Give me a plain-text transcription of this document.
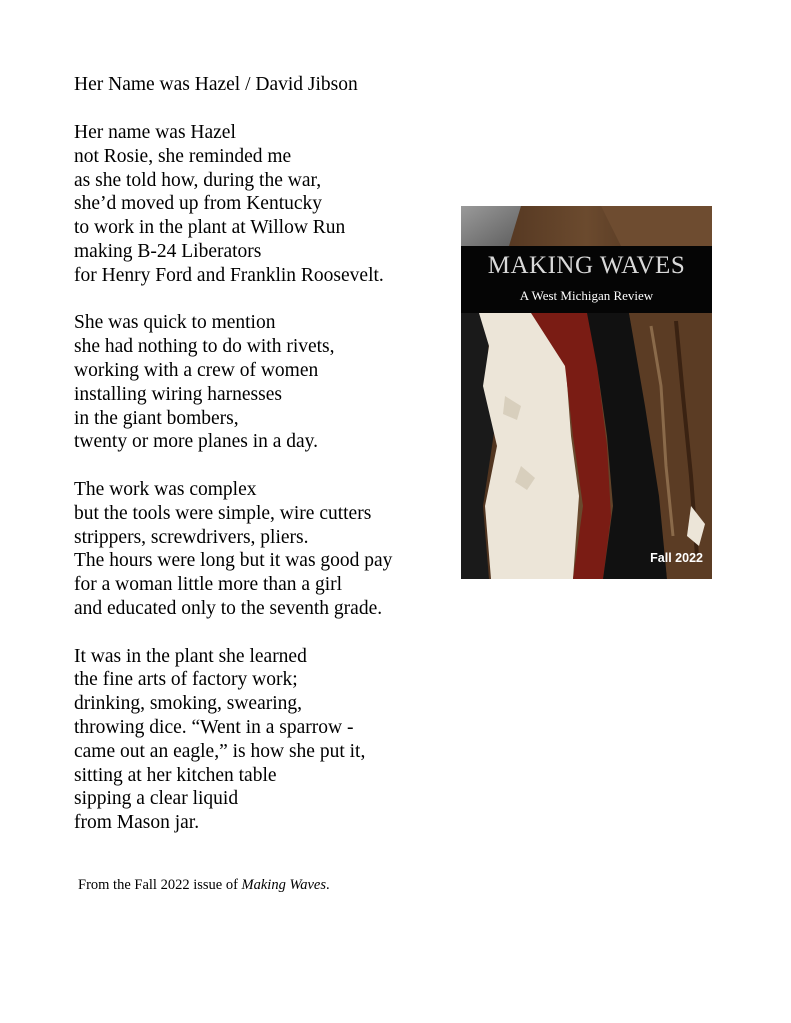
Her Name was Hazel / David Jibson
Her name was Hazel
not Rosie, she reminded me
as she told how, during the war,
she’d moved up from Kentucky
to work in the plant at Willow Run
making B-24 Liberators
for Henry Ford and Franklin Roosevelt.
She was quick to mention
she had nothing to do with rivets,
working with a crew of women
installing wiring harnesses
in the giant bombers,
twenty or more planes in a day.
The work was complex
but the tools were simple, wire cutters
strippers, screwdrivers, pliers.
The hours were long but it was good pay
for a woman little more than a girl
and educated only to the seventh grade.
It was in the plant she learned
the fine arts of factory work;
drinking, smoking, swearing,
throwing dice. “Went in a sparrow -
came out an eagle,” is how she put it,
sitting at her kitchen table
sipping a clear liquid
from Mason jar.
MAKING WAVES
A West Michigan Review
Fall 2022
From the Fall 2022 issue of Making Waves.
